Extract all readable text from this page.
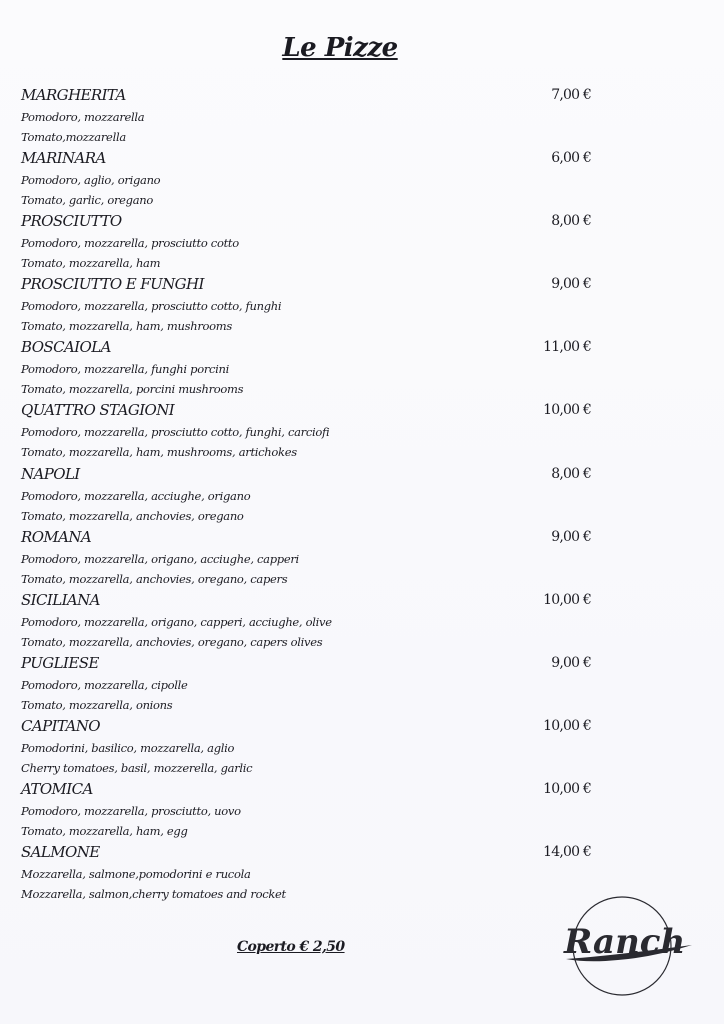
Le Pizze
MARGHERITA	7,00 €
Pomodoro, mozzarella
Tomato,mozzarella
MARINARA	6,00 €
Pomodoro, aglio, origano
Tomato, garlic, oregano
PROSCIUTTO	8,00 €
Pomodoro, mozzarella, prosciutto cotto
Tomato, mozzarella, ham
PROSCIUTTO E FUNGHI	9,00 €
Pomodoro, mozzarella, prosciutto cotto, funghi
Tomato, mozzarella, ham, mushrooms
BOSCAIOLA	11,00 €
Pomodoro, mozzarella, funghi porcini
Tomato, mozzarella, porcini mushrooms
QUATTRO STAGIONI	10,00 €
Pomodoro, mozzarella, prosciutto cotto, funghi, carciofi
Tomato, mozzarella, ham, mushrooms, artichokes
NAPOLI	8,00 €
Pomodoro, mozzarella, acciughe, origano
Tomato, mozzarella, anchovies, oregano
ROMANA	9,00 €
Pomodoro, mozzarella, origano, acciughe, capperi
Tomato, mozzarella, anchovies, oregano, capers
SICILIANA	10,00 €
Pomodoro, mozzarella, origano, capperi, acciughe, olive
Tomato, mozzarella, anchovies, oregano, capers olives
PUGLIESE	9,00 €
Pomodoro, mozzarella, cipolle
Tomato, mozzarella, onions
CAPITANO	10,00 €
Pomodorini, basilico, mozzarella, aglio
Cherry tomatoes, basil, mozzerella, garlic
ATOMICA	10,00 €
Pomodoro, mozzarella, prosciutto, uovo
Tomato, mozzarella, ham, egg
SALMONE	14,00 €
Mozzarella, salmone,pomodorini e rucola
Mozzarella, salmon,cherry tomatoes and rocket
Coperto € 2,50	Ranch
